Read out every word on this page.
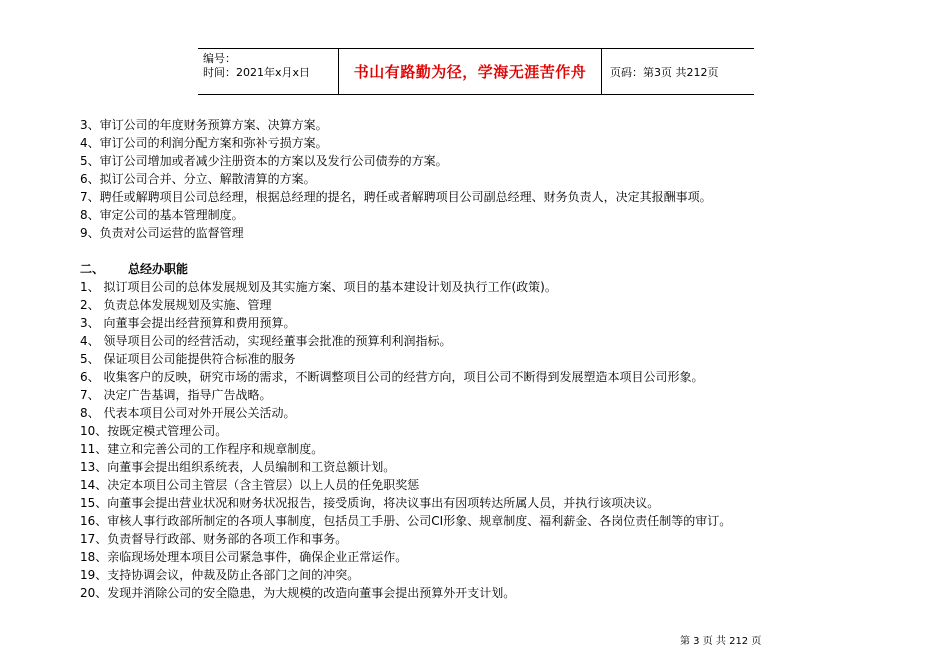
编号：
时间：2021年x月x日	书山有路勤为径，学海无涯苦作舟	页码：第3页 共212页
3、审订公司的年度财务预算方案、决算方案。
4、审订公司的利润分配方案和弥补亏损方案。
5、审订公司增加或者减少注册资本的方案以及发行公司债券的方案。
6、拟订公司合并、分立、解散清算的方案。
7、聘任或解聘项目公司总经理，根据总经理的提名，聘任或者解聘项目公司副总经理、财务负责人，决定其报酬事项。
8、审定公司的基本管理制度。
9、负责对公司运营的监督管理
二、 总经办职能
1、 拟订项目公司的总体发展规划及其实施方案、项目的基本建设计划及执行工作(政策)。
2、 负责总体发展规划及实施、管理
3、 向董事会提出经营预算和费用预算。
4、 领导项目公司的经营活动，实现经董事会批准的预算利利润指标。
5、 保证项目公司能提供符合标准的服务
6、 收集客户的反映，研究市场的需求，不断调整项目公司的经营方向，项目公司不断得到发展塑造本项目公司形象。
7、 决定广告基调，指导广告战略。
8、 代表本项目公司对外开展公关活动。
10、按既定模式管理公司。
11、建立和完善公司的工作程序和规章制度。
13、向董事会提出组织系统表，人员编制和工资总额计划。
14、决定本项目公司主管层（含主管层）以上人员的任免职奖惩
15、向董事会提出营业状况和财务状况报告，接受质询，将决议事出有因项转达所属人员，并执行该项决议。
16、审核人事行政部所制定的各项人事制度，包括员工手册、公司CI形象、规章制度、福利薪金、各岗位责任制等的审订。
17、负责督导行政部、财务部的各项工作和事务。
18、亲临现场处理本项目公司紧急事件，确保企业正常运作。
19、支持协调会议，仲裁及防止各部门之间的冲突。
20、发现并消除公司的安全隐患，为大规模的改造向董事会提出预算外开支计划。
第 3 页 共 212 页
